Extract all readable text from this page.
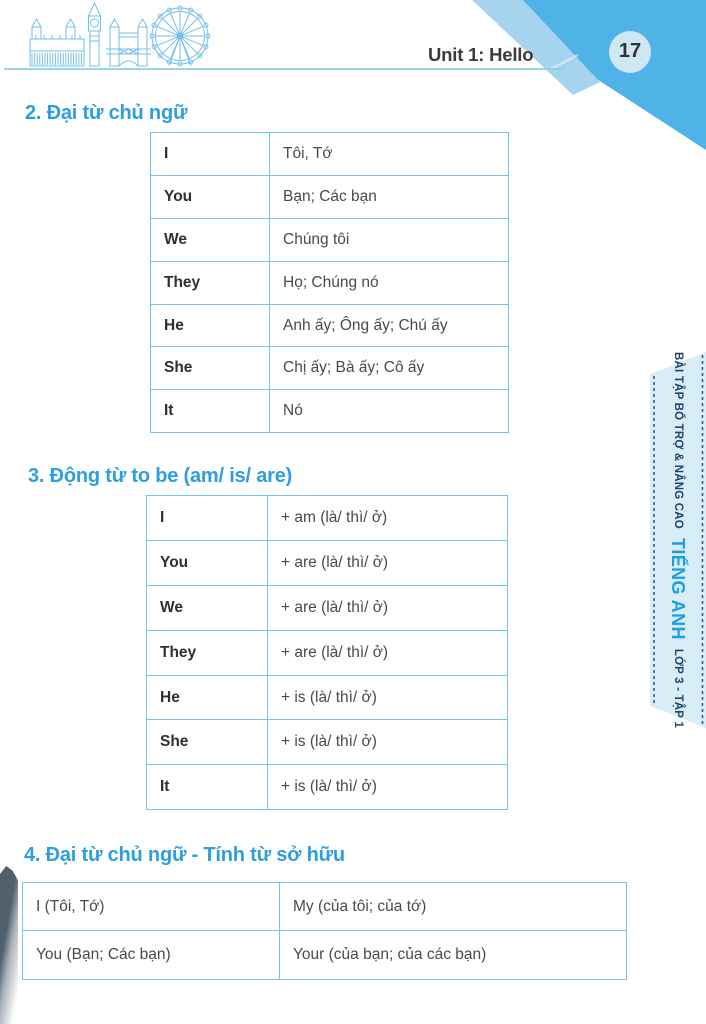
Unit 1: Hello	17
2. Đại từ chủ ngữ
I	Tôi, Tớ
You	Bạn; Các bạn
We	Chúng tôi
They	Họ; Chúng nó
He	Anh ấy; Ông ấy; Chú ấy
She	Chị ấy; Bà ấy; Cô ấy
It	Nó
3. Động từ to be (am/ is/ are)
I	+ am (là/ thì/ ở)
You	+ are (là/ thì/ ở)
We	+ are (là/ thì/ ở)
They	+ are (là/ thì/ ở)
He	+ is (là/ thì/ ở)
She	+ is (là/ thì/ ở)
It	+ is (là/ thì/ ở)
4. Đại từ chủ ngữ - Tính từ sở hữu
I (Tôi, Tớ)	My (của tôi; của tớ)
You (Bạn; Các bạn)	Your (của bạn; của các bạn)
BÀI TẬP BỔ TRỢ & NÂNG CAO
TIẾNG ANH
LỚP 3 - TẬP 1
